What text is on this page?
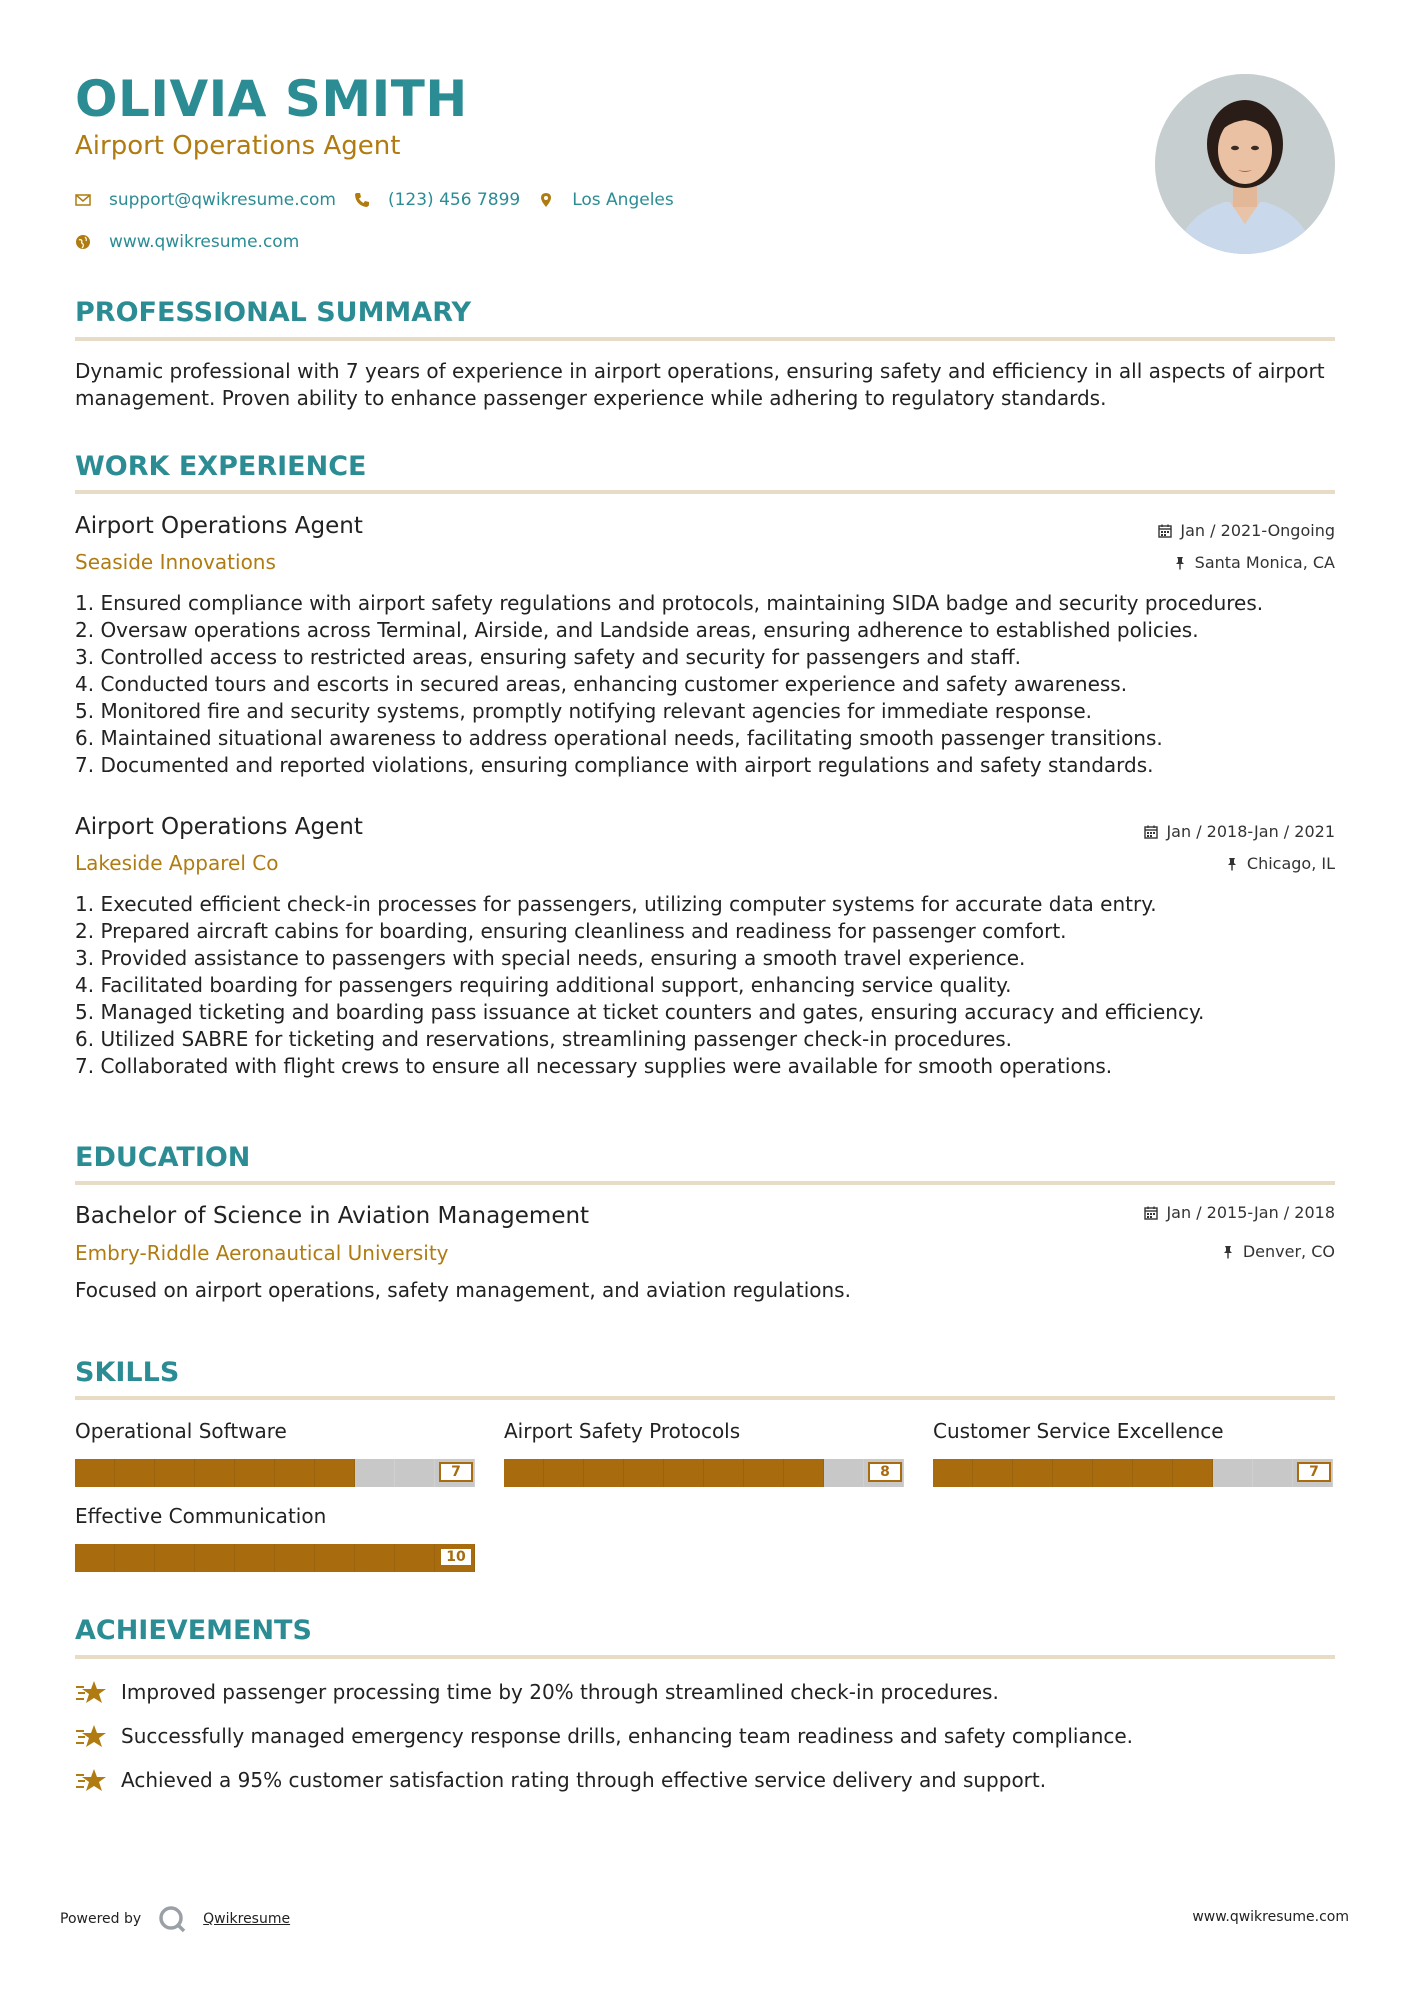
OLIVIA SMITH
Airport Operations Agent
support@qwikresume.com	(123) 456 7899	Los Angeles
www.qwikresume.com
PROFESSIONAL SUMMARY

Dynamic professional with 7 years of experience in airport operations, ensuring safety and efficiency in all aspects of airport management. Proven ability to enhance passenger experience while adhering to regulatory standards.

WORK EXPERIENCE
Airport Operations Agent
Seaside Innovations
Jan / 2021-Ongoing
Santa Monica, CA
1. Ensured compliance with airport safety regulations and protocols, maintaining SIDA badge and security procedures.
2. Oversaw operations across Terminal, Airside, and Landside areas, ensuring adherence to established policies.
3. Controlled access to restricted areas, ensuring safety and security for passengers and staff.
4. Conducted tours and escorts in secured areas, enhancing customer experience and safety awareness.
5. Monitored fire and security systems, promptly notifying relevant agencies for immediate response.
6. Maintained situational awareness to address operational needs, facilitating smooth passenger transitions.
7. Documented and reported violations, ensuring compliance with airport regulations and safety standards.
Airport Operations Agent
Lakeside Apparel Co
Jan / 2018-Jan / 2021
Chicago, IL
1. Executed efficient check-in processes for passengers, utilizing computer systems for accurate data entry.
2. Prepared aircraft cabins for boarding, ensuring cleanliness and readiness for passenger comfort.
3. Provided assistance to passengers with special needs, ensuring a smooth travel experience.
4. Facilitated boarding for passengers requiring additional support, enhancing service quality.
5. Managed ticketing and boarding pass issuance at ticket counters and gates, ensuring accuracy and efficiency.
6. Utilized SABRE for ticketing and reservations, streamlining passenger check-in procedures.
7. Collaborated with flight crews to ensure all necessary supplies were available for smooth operations.
EDUCATION
Bachelor of Science in Aviation Management
Embry-Riddle Aeronautical University
Jan / 2015-Jan / 2018
Denver, CO

Focused on airport operations, safety management, and aviation regulations.

SKILLS
Operational Software
7
Airport Safety Protocols
8
Customer Service Excellence
7
Effective Communication
10
ACHIEVEMENTS
Improved passenger processing time by 20% through streamlined check-in procedures.
Successfully managed emergency response drills, enhancing team readiness and safety compliance.
Achieved a 95% customer satisfaction rating through effective service delivery and support.
Powered by	Qwikresume	www.qwikresume.com
